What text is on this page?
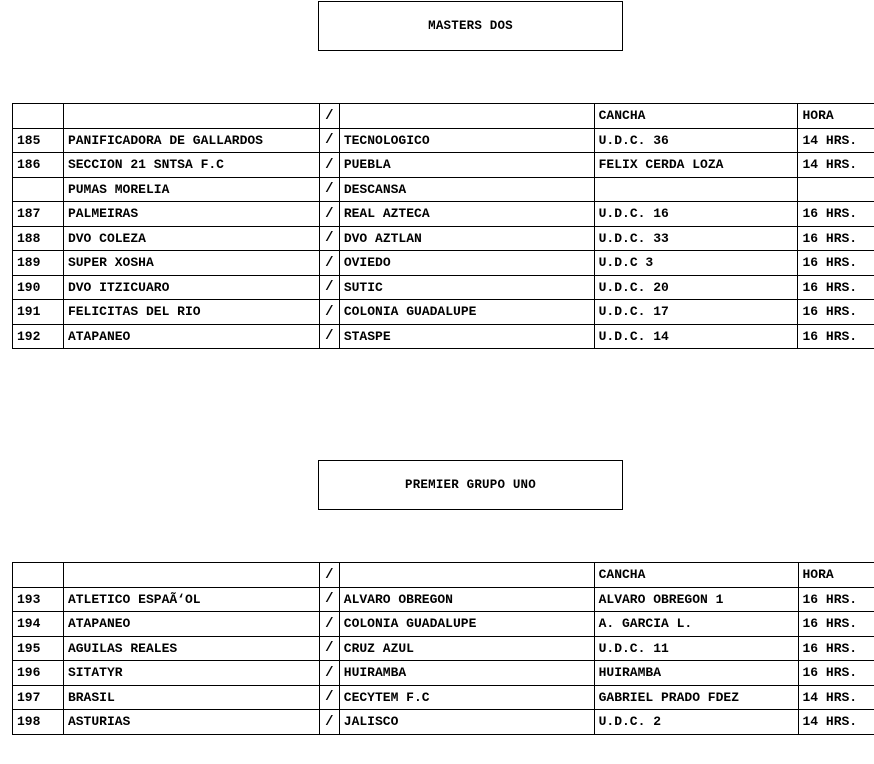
MASTERS DOS
		/		CANCHA	HORA
185	PANIFICADORA DE GALLARDOS	/	TECNOLOGICO	U.D.C. 36	14 HRS.
186	SECCION 21 SNTSA F.C	/	PUEBLA	FELIX CERDA LOZA	14 HRS.
	PUMAS MORELIA	/	DESCANSA		
187	PALMEIRAS	/	REAL AZTECA	U.D.C. 16	16 HRS.
188	DVO COLEZA	/	DVO AZTLAN	U.D.C. 33	16 HRS.
189	SUPER XOSHA	/	OVIEDO	U.D.C 3	16 HRS.
190	DVO ITZICUARO	/	SUTIC	U.D.C. 20	16 HRS.
191	FELICITAS DEL RIO	/	COLONIA GUADALUPE	U.D.C. 17	16 HRS.
192	ATAPANEO	/	STASPE	U.D.C. 14	16 HRS.
PREMIER GRUPO UNO
		/		CANCHA	HORA
193	ATLETICO ESPAÃ‘OL	/	ALVARO OBREGON	ALVARO OBREGON 1	16 HRS.
194	ATAPANEO	/	COLONIA GUADALUPE	A. GARCIA L.	16 HRS.
195	AGUILAS REALES	/	CRUZ AZUL	U.D.C. 11	16 HRS.
196	SITATYR	/	HUIRAMBA	HUIRAMBA	16 HRS.
197	BRASIL	/	CECYTEM F.C	GABRIEL PRADO FDEZ	14 HRS.
198	ASTURIAS	/	JALISCO	U.D.C. 2	14 HRS.
